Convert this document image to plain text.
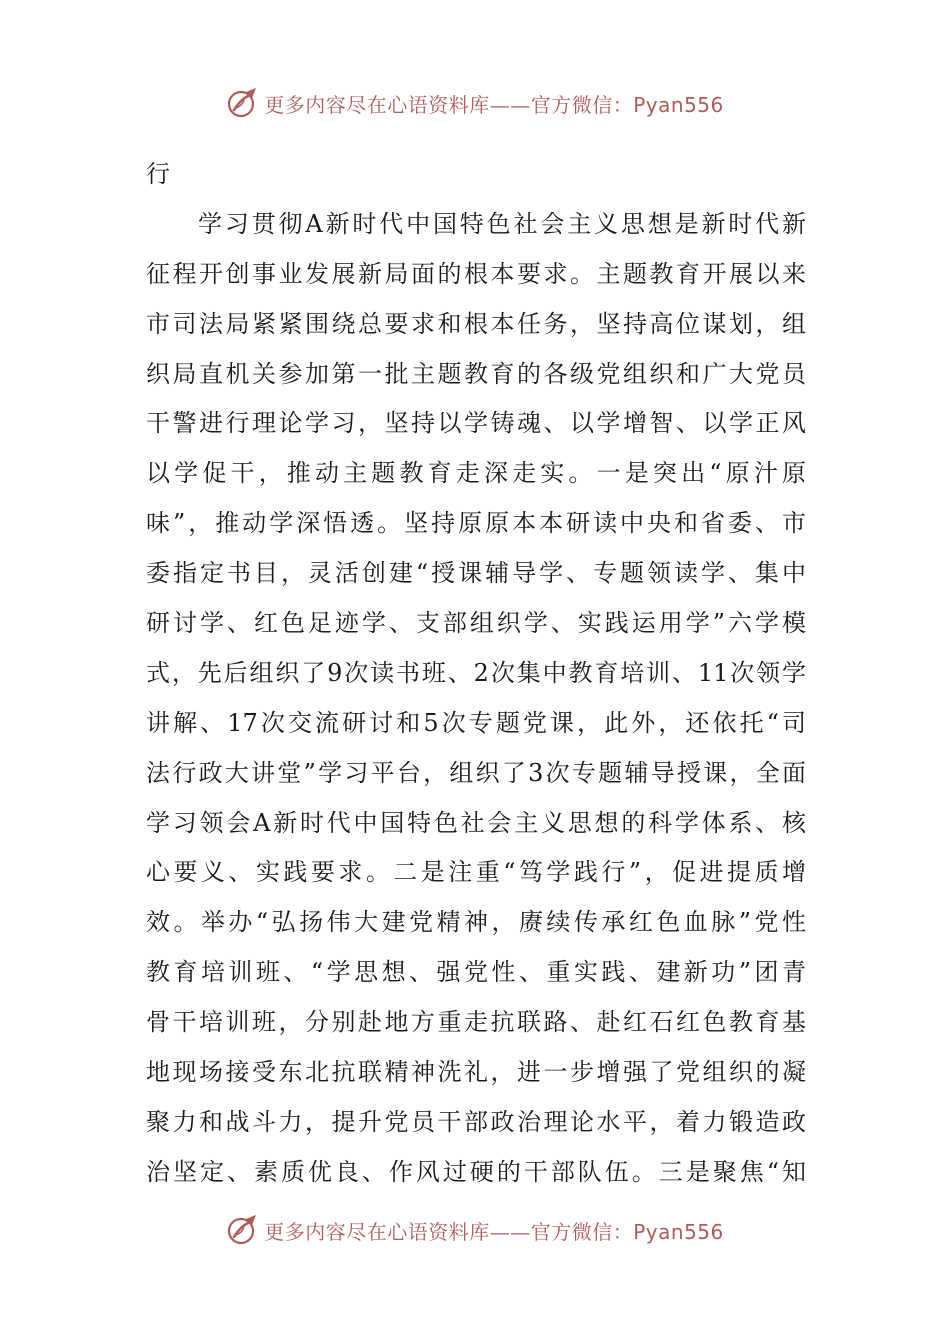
更多内容尽在心语资料库——官方微信：Pyan556
行
学习贯彻A新时代中国特色社会主义思想是新时代新
征程开创事业发展新局面的根本要求。主题教育开展以来
市司法局紧紧围绕总要求和根本任务，坚持高位谋划，组
织局直机关参加第一批主题教育的各级党组织和广大党员
干警进行理论学习，坚持以学铸魂、以学增智、以学正风
以学促干，推动主题教育走深走实。一是突出“原汁原
味”，推动学深悟透。坚持原原本本研读中央和省委、市
委指定书目，灵活创建“授课辅导学、专题领读学、集中
研讨学、红色足迹学、支部组织学、实践运用学”六学模
式，先后组织了9次读书班、2次集中教育培训、11次领学
讲解、17次交流研讨和5次专题党课，此外，还依托“司
法行政大讲堂”学习平台，组织了3次专题辅导授课，全面
学习领会A新时代中国特色社会主义思想的科学体系、核
心要义、实践要求。二是注重“笃学践行”，促进提质增
效。举办“弘扬伟大建党精神，赓续传承红色血脉”党性
教育培训班、“学思想、强党性、重实践、建新功”团青
骨干培训班，分别赴地方重走抗联路、赴红石红色教育基
地现场接受东北抗联精神洗礼，进一步增强了党组织的凝
聚力和战斗力，提升党员干部政治理论水平，着力锻造政
治坚定、素质优良、作风过硬的干部队伍。三是聚焦“知
更多内容尽在心语资料库——官方微信：Pyan556
